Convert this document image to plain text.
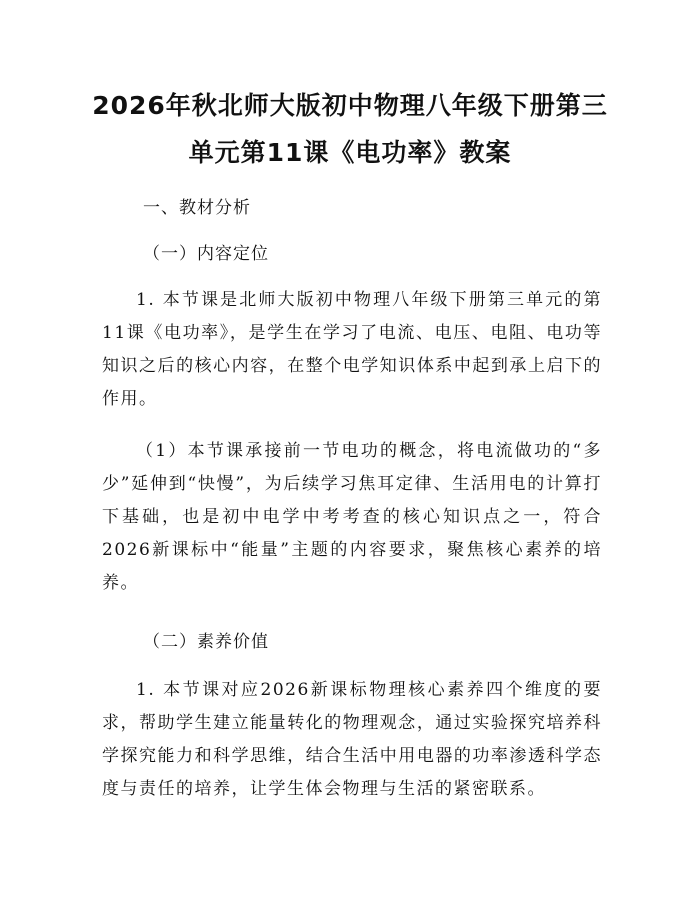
2026年秋北师大版初中物理八年级下册第三
单元第11课《电功率》教案

一、教材分析

（一）内容定位

1. 本节课是北师大版初中物理八年级下册第三单元的第11课《电功率》，是学生在学习了电流、电压、电阻、电功等知识之后的核心内容，在整个电学知识体系中起到承上启下的作用。

（1）本节课承接前一节电功的概念，将电流做功的“多少”延伸到“快慢”，为后续学习焦耳定律、生活用电的计算打下基础，也是初中电学中考考查的核心知识点之一，符合2026新课标中“能量”主题的内容要求，聚焦核心素养的培养。

（二）素养价值

1. 本节课对应2026新课标物理核心素养四个维度的要求，帮助学生建立能量转化的物理观念，通过实验探究培养科学探究能力和科学思维，结合生活中用电器的功率渗透科学态度与责任的培养，让学生体会物理与生活的紧密联系。
